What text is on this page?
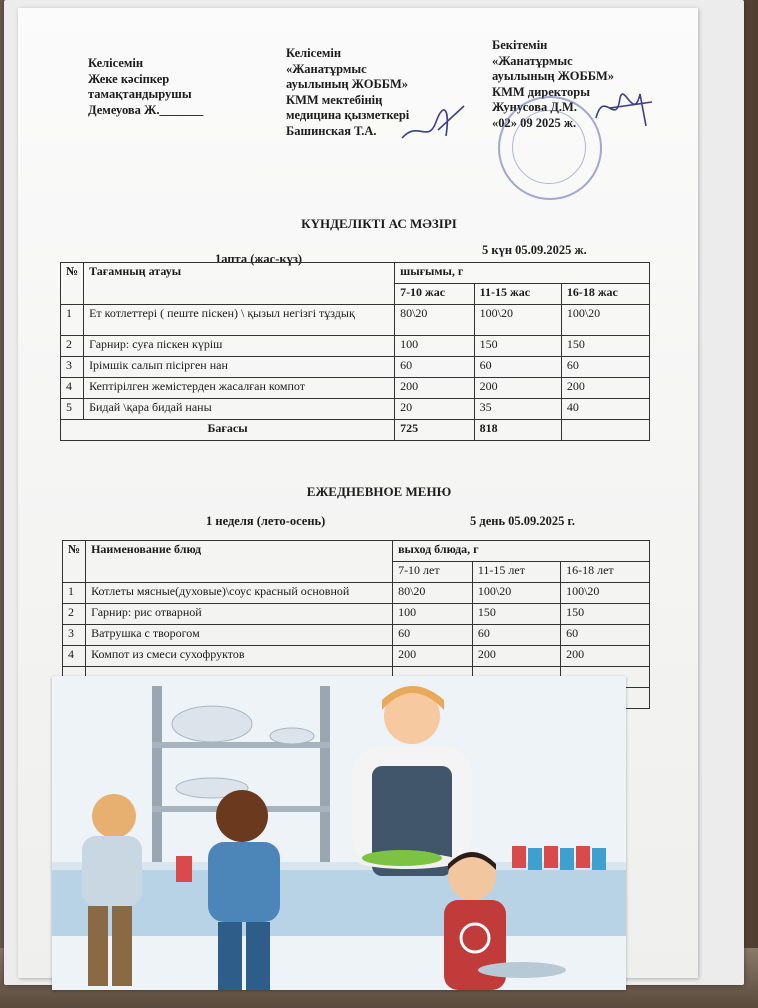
Келісемін
Жеке кәсіпкер
тамақтандырушы
Демеуова Ж._______
Келісемін
«Жанатұрмыс
ауылының ЖОББМ»
КММ мектебінің
медицина қызметкері
Башинская Т.А.
Бекітемін
«Жанатұрмыс
ауылының ЖОББМ»
КММ директоры
Жунусова Д.М.
«02» 09 2025 ж.
КҮНДЕЛІКТІ АС МӘЗІРІ
1апта (жас-күз)
5 күн 05.09.2025 ж.
№	Тағамның атауы	шығымы, г		
		7-10 жас	11-15 жас	16-18 жас
1	Ет котлеттері ( пеште піскен) \ қызыл негізгі тұздық	80\20	100\20	100\20
2	Гарнир: суға піскен күріш	100	150	150
3	Ірімшік салып пісірген нан	60	60	60
4	Кептірілген жемістерден жасалған компот	200	200	200
5	Бидай \қара бидай наны	20	35	40
Бағасы		725	818	
ЕЖЕДНЕВНОЕ МЕНЮ
1 неделя (лето-осень)	5 день 05.09.2025 г.
№	Наименование блюд	выход блюда, г		
		7-10 лет	11-15 лет	16-18 лет
1	Котлеты мясные(духовые)\соус красный основной	80\20	100\20	100\20
2	Гарнир: рис отварной	100	150	150
3	Ватрушка с творогом	60	60	60
4	Компот из смеси сухофруктов	200	200	200
